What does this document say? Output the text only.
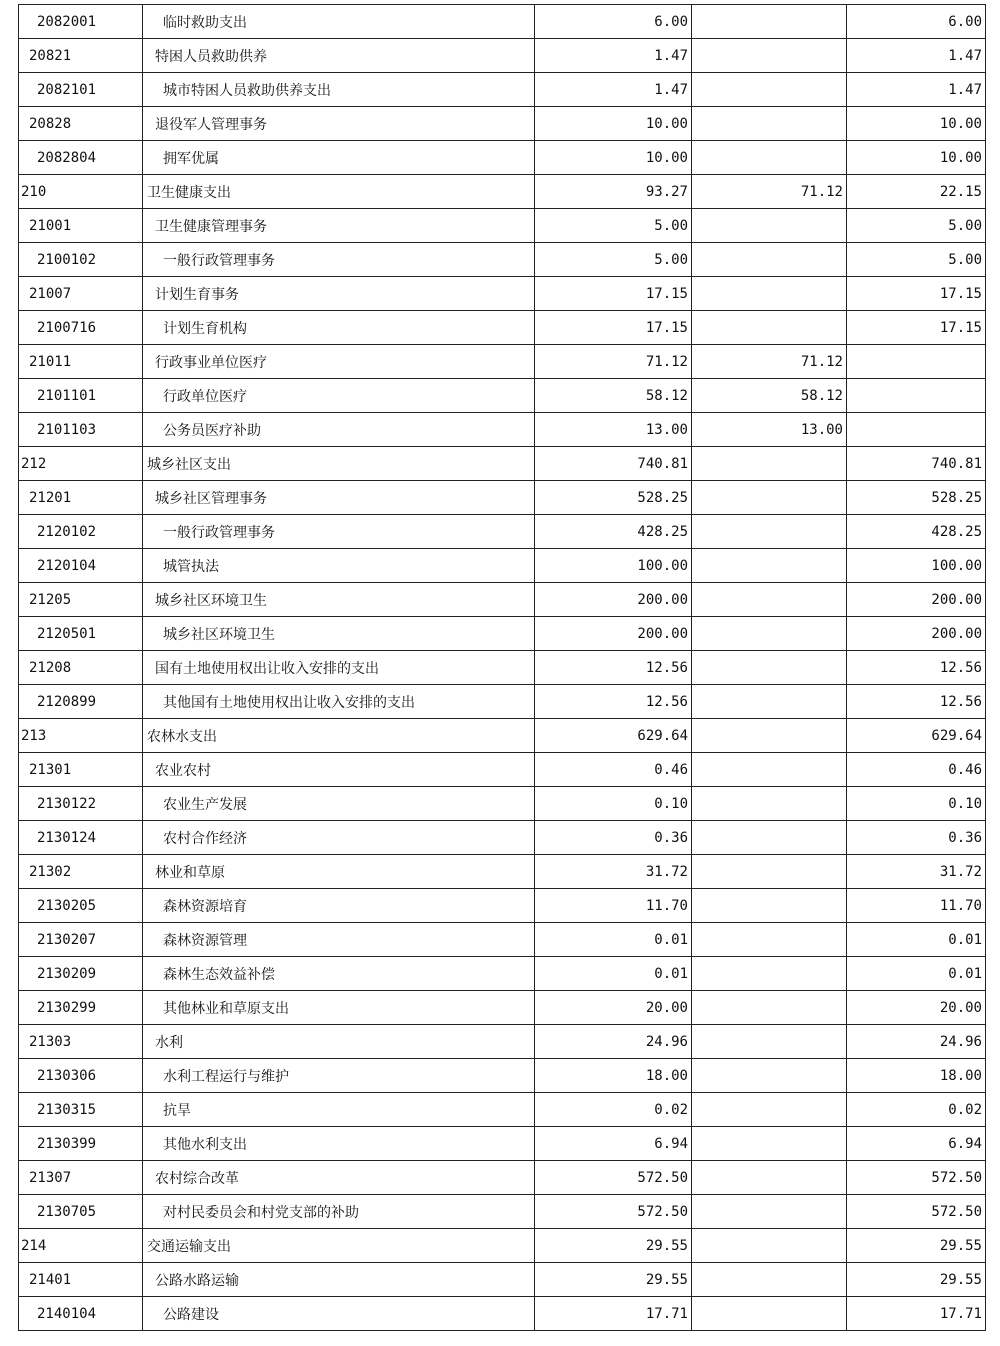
2082001	临时救助支出	6.00		6.00
20821	特困人员救助供养	1.47		1.47
2082101	城市特困人员救助供养支出	1.47		1.47
20828	退役军人管理事务	10.00		10.00
2082804	拥军优属	10.00		10.00
210	卫生健康支出	93.27	71.12	22.15
21001	卫生健康管理事务	5.00		5.00
2100102	一般行政管理事务	5.00		5.00
21007	计划生育事务	17.15		17.15
2100716	计划生育机构	17.15		17.15
21011	行政事业单位医疗	71.12	71.12	
2101101	行政单位医疗	58.12	58.12	
2101103	公务员医疗补助	13.00	13.00	
212	城乡社区支出	740.81		740.81
21201	城乡社区管理事务	528.25		528.25
2120102	一般行政管理事务	428.25		428.25
2120104	城管执法	100.00		100.00
21205	城乡社区环境卫生	200.00		200.00
2120501	城乡社区环境卫生	200.00		200.00
21208	国有土地使用权出让收入安排的支出	12.56		12.56
2120899	其他国有土地使用权出让收入安排的支出	12.56		12.56
213	农林水支出	629.64		629.64
21301	农业农村	0.46		0.46
2130122	农业生产发展	0.10		0.10
2130124	农村合作经济	0.36		0.36
21302	林业和草原	31.72		31.72
2130205	森林资源培育	11.70		11.70
2130207	森林资源管理	0.01		0.01
2130209	森林生态效益补偿	0.01		0.01
2130299	其他林业和草原支出	20.00		20.00
21303	水利	24.96		24.96
2130306	水利工程运行与维护	18.00		18.00
2130315	抗旱	0.02		0.02
2130399	其他水利支出	6.94		6.94
21307	农村综合改革	572.50		572.50
2130705	对村民委员会和村党支部的补助	572.50		572.50
214	交通运输支出	29.55		29.55
21401	公路水路运输	29.55		29.55
2140104	公路建设	17.71		17.71
